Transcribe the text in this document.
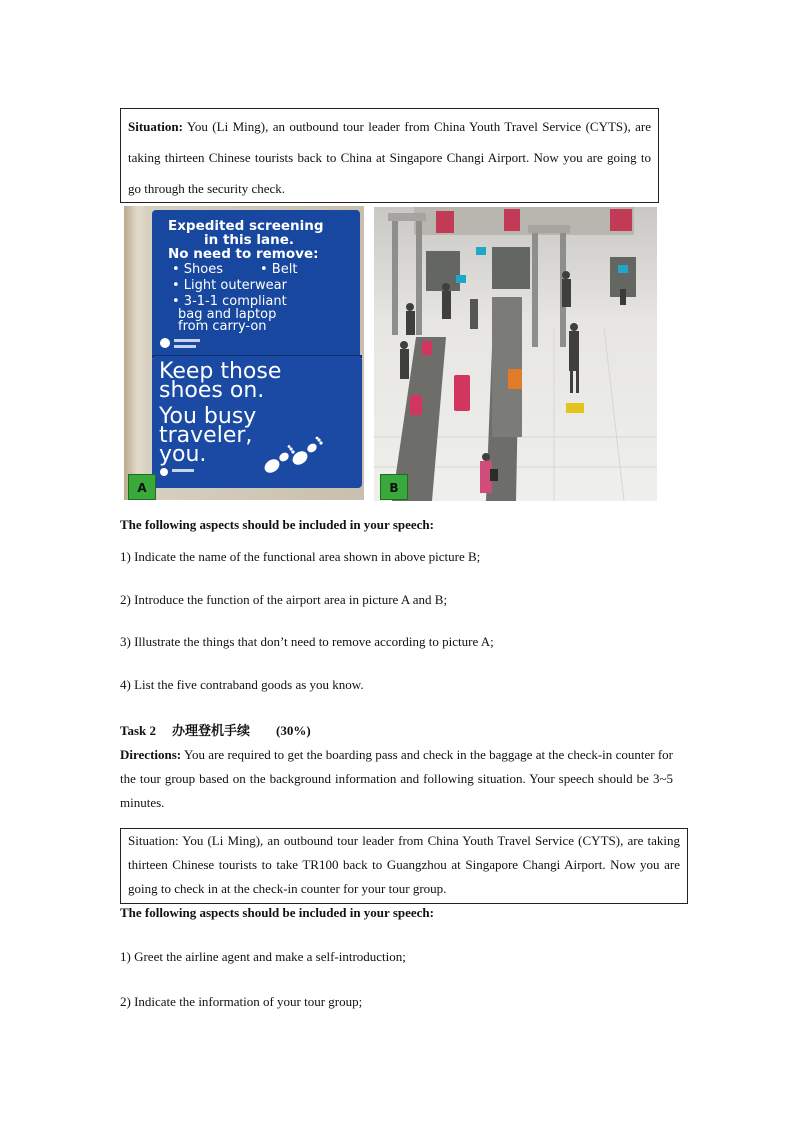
Situation: You (Li Ming), an outbound tour leader from China Youth Travel Service (CYTS), are taking thirteen Chinese tourists back to China at Singapore Changi Airport. Now you are going to go through the security check.
Expedited screening
in this lane.
No need to remove:
• Shoes	• Belt
• Light outerwear
• 3-1-1 compliant
bag and laptop
from carry-on
Keep those
shoes on.
You busy
traveler,
you.
A	B
The following aspects should be included in your speech:
1) Indicate the name of the functional area shown in above picture B;
2) Introduce the function of the airport area in picture A and B;
3) Illustrate the things that don’t need to remove according to picture A;
4) List the five contraband goods as you know.
Task 2 办理登机手续 (30%)
Directions: You are required to get the boarding pass and check in the baggage at the check-in counter for the tour group based on the background information and following situation. Your speech should be 3~5 minutes.
Situation: You (Li Ming), an outbound tour leader from China Youth Travel Service (CYTS), are taking thirteen Chinese tourists to take TR100 back to Guangzhou at Singapore Changi Airport. Now you are going to check in at the check-in counter for your tour group.
The following aspects should be included in your speech:
1) Greet the airline agent and make a self-introduction;
2) Indicate the information of your tour group;
